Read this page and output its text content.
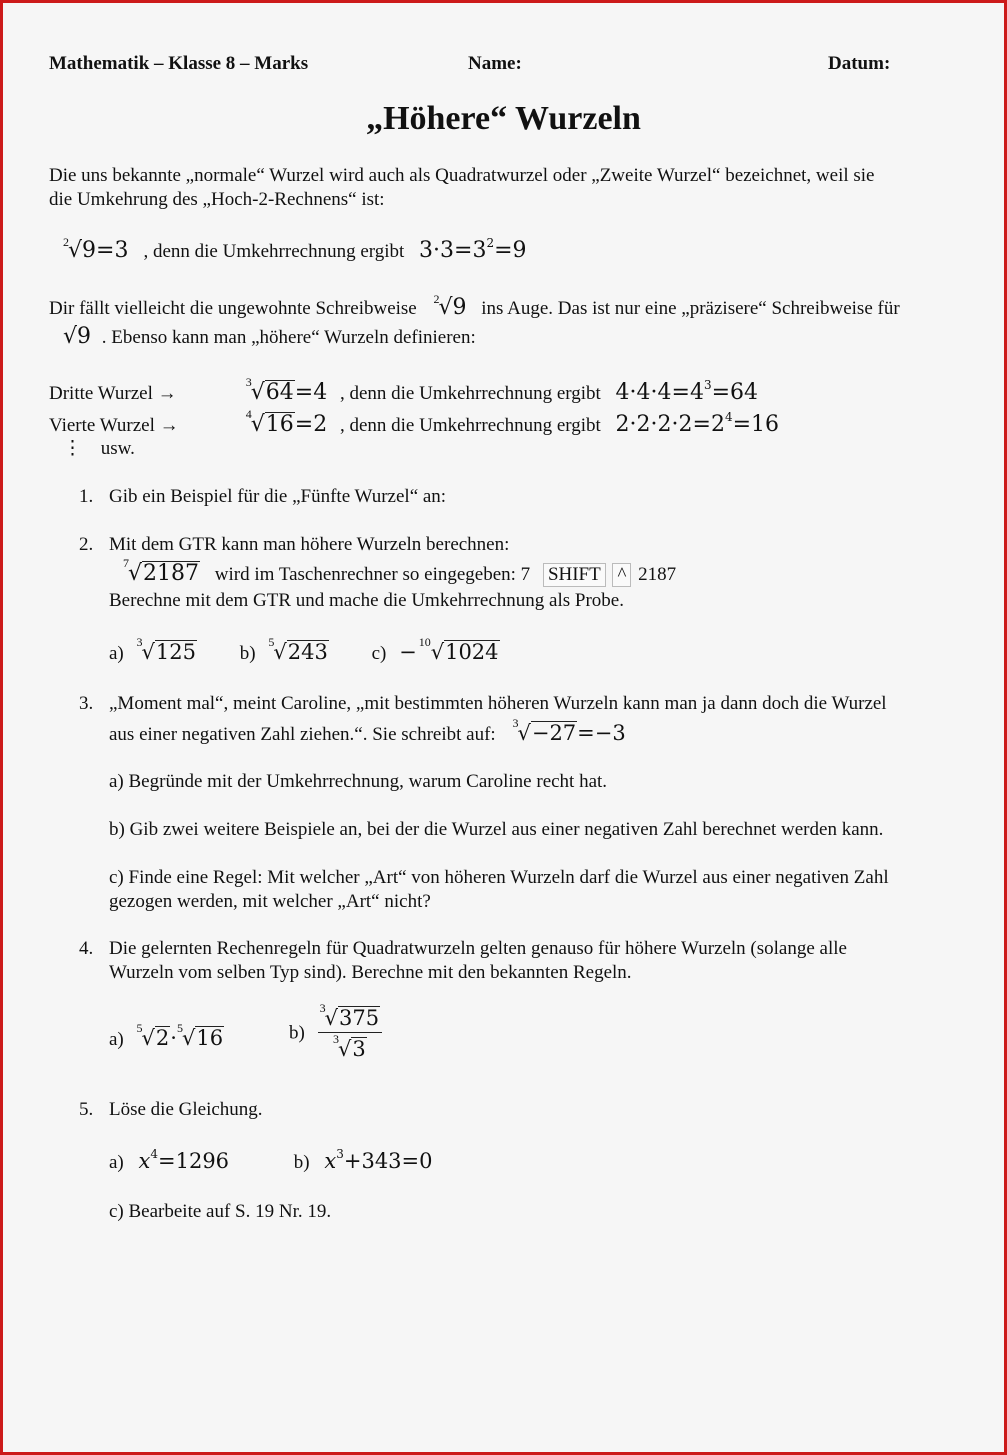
Mathematik – Klasse 8 – Marks	Name:	Datum:
„Höhere“ Wurzeln
Die uns bekannte „normale“ Wurzel wird auch als Quadratwurzel oder „Zweite Wurzel“ bezeichnet, weil sie
die Umkehrung des „Hoch-2-Rechnens“ ist:
2 √9=3 , denn die Umkehrrechnung ergibt $3\cdot 3=3^2=9$
Dir fällt vielleicht die ungewohnte Schreibweise 2 √9 ins Auge. Das ist nur eine „präzisere“ Schreibweise für
√9 . Ebenso kann man „höhere“ Wurzeln definieren:
Dritte Wurzel →
3 √64=4 , denn die Umkehrrechnung ergibt $4\cdot 4\cdot 4=4^3=64$
Vierte Wurzel →
4 √16=2 , denn die Umkehrrechnung ergibt $2\cdot 2\cdot 2\cdot 2=2^4=16$
⋮ usw.
1. Gib ein Beispiel für die „Fünfte Wurzel“ an:
2. Mit dem GTR kann man höhere Wurzeln berechnen:
7 √2187 wird im Taschenrechner so eingegeben: 7 SHIFT ^ 2187
Berechne mit dem GTR und mache die Umkehrrechnung als Probe.
a)
3 √125 b)
5 √243 c) − 10 √1024
3. „Moment mal“, meint Caroline, „mit bestimmten höheren Wurzeln kann man ja dann doch die Wurzel
aus einer negativen Zahl ziehen.“. Sie schreibt auf:
3 √−27=−3
a) Begründe mit der Umkehrrechnung, warum Caroline recht hat.
b) Gib zwei weitere Beispiele an, bei der die Wurzel aus einer negativen Zahl berechnet werden kann.
c) Finde eine Regel: Mit welcher „Art“ von höheren Wurzeln darf die Wurzel aus einer negativen Zahl
gezogen werden, mit welcher „Art“ nicht?
4. Die gelernten Rechenregeln für Quadratwurzeln gelten genauso für höhere Wurzeln (solange alle
Wurzeln vom selben Typ sind). Berechne mit den bekannten Regeln.
a)
5 √2· 5 √16	$b) \frac{3 √375}{3 √3}$
5. Löse die Gleichung.
a) $x^4=1296$	b) $x^3+343=0$
c) Bearbeite auf S. 19 Nr. 19.
